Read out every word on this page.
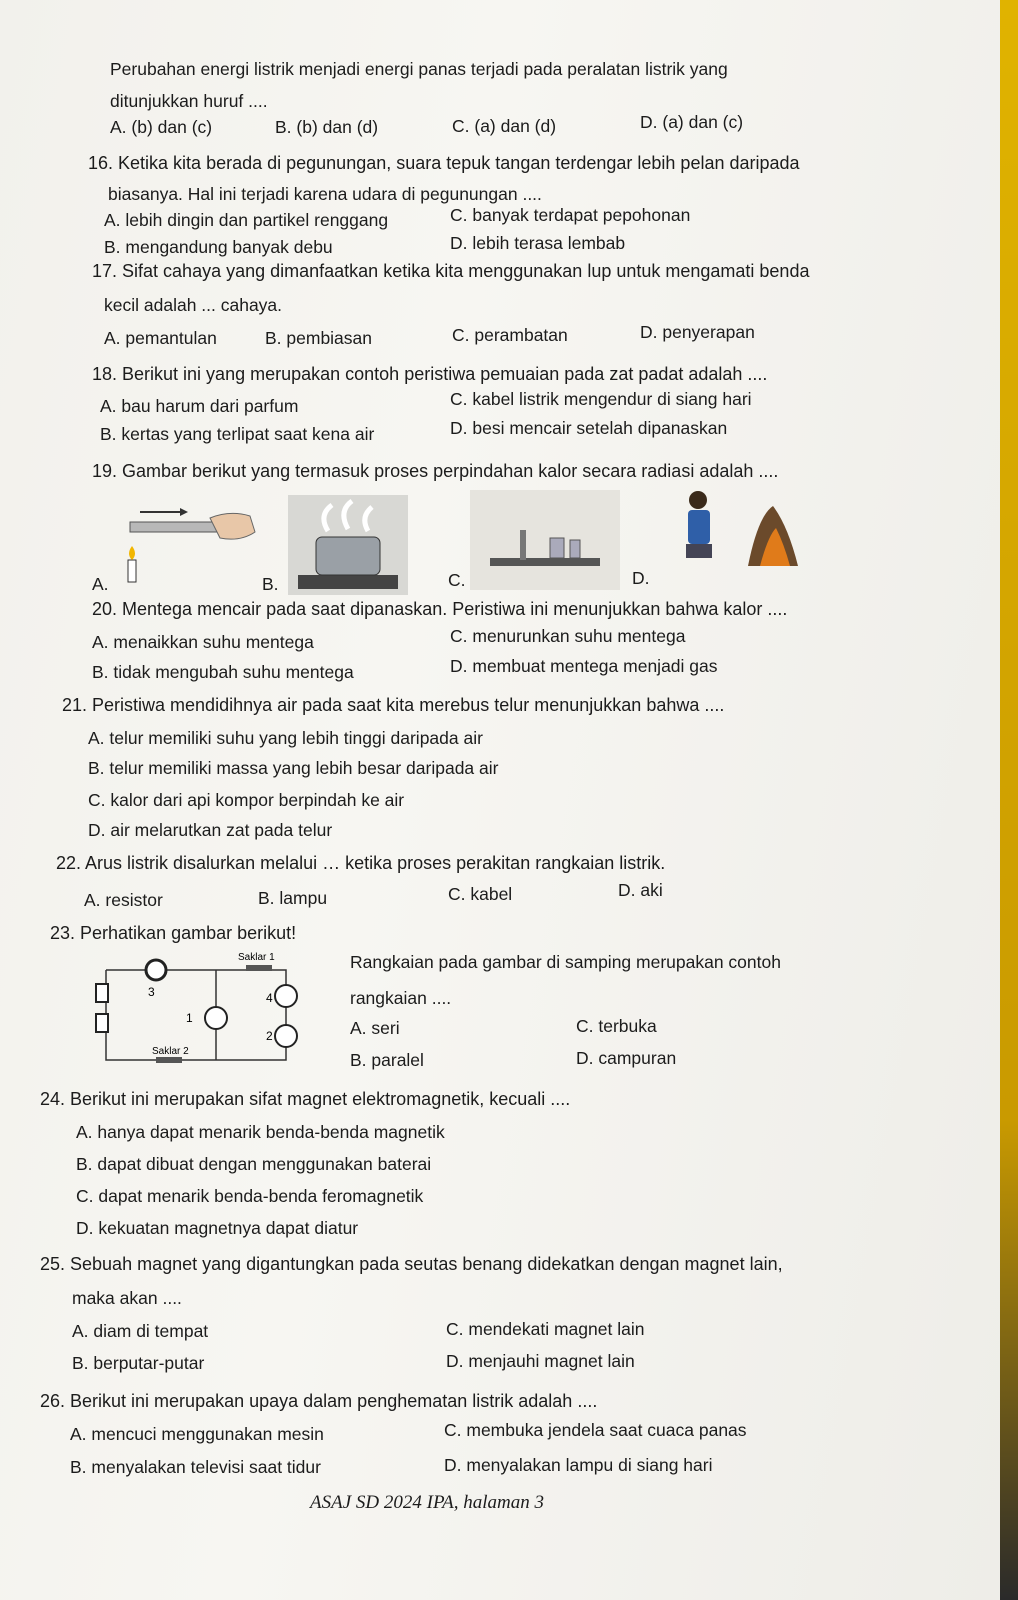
Perubahan energi listrik menjadi energi panas terjadi pada peralatan listrik yang
ditunjukkan huruf ....
A. (b) dan (c)	B. (b) dan (d)	C. (a) dan (d)	D. (a) dan (c)
16. Ketika kita berada di pegunungan, suara tepuk tangan terdengar lebih pelan daripada
biasanya. Hal ini terjadi karena udara di pegunungan ....
A. lebih dingin dan partikel renggang	C. banyak terdapat pepohonan
B. mengandung banyak debu	D. lebih terasa lembab
17. Sifat cahaya yang dimanfaatkan ketika kita menggunakan lup untuk mengamati benda
kecil adalah ... cahaya.
A. pemantulan	B. pembiasan	C. perambatan	D. penyerapan
18. Berikut ini yang merupakan contoh peristiwa pemuaian pada zat padat adalah ....
A. bau harum dari parfum	C. kabel listrik mengendur di siang hari
B. kertas yang terlipat saat kena air	D. besi mencair setelah dipanaskan
19. Gambar berikut yang termasuk proses perpindahan kalor secara radiasi adalah ....
A.	B.	C.	D.
20. Mentega mencair pada saat dipanaskan. Peristiwa ini menunjukkan bahwa kalor ....
A. menaikkan suhu mentega	C. menurunkan suhu mentega
B. tidak mengubah suhu mentega	D. membuat mentega menjadi gas
21. Peristiwa mendidihnya air pada saat kita merebus telur menunjukkan bahwa ....
A. telur memiliki suhu yang lebih tinggi daripada air
B. telur memiliki massa yang lebih besar daripada air
C. kalor dari api kompor berpindah ke air
D. air melarutkan zat pada telur
22. Arus listrik disalurkan melalui … ketika proses perakitan rangkaian listrik.
A. resistor	B. lampu	C. kabel	D. aki
23. Perhatikan gambar berikut!
3
Saklar 1
1
4
2
Saklar 2
Rangkaian pada gambar di samping merupakan contoh
rangkaian ....
A. seri	C. terbuka
B. paralel	D. campuran
24. Berikut ini merupakan sifat magnet elektromagnetik, kecuali ....
A. hanya dapat menarik benda-benda magnetik
B. dapat dibuat dengan menggunakan baterai
C. dapat menarik benda-benda feromagnetik
D. kekuatan magnetnya dapat diatur
25. Sebuah magnet yang digantungkan pada seutas benang didekatkan dengan magnet lain,
maka akan ....
A. diam di tempat	C. mendekati magnet lain
B. berputar-putar	D. menjauhi magnet lain
26. Berikut ini merupakan upaya dalam penghematan listrik adalah ....
A. mencuci menggunakan mesin	C. membuka jendela saat cuaca panas
B. menyalakan televisi saat tidur	D. menyalakan lampu di siang hari
ASAJ SD 2024 IPA, halaman 3
